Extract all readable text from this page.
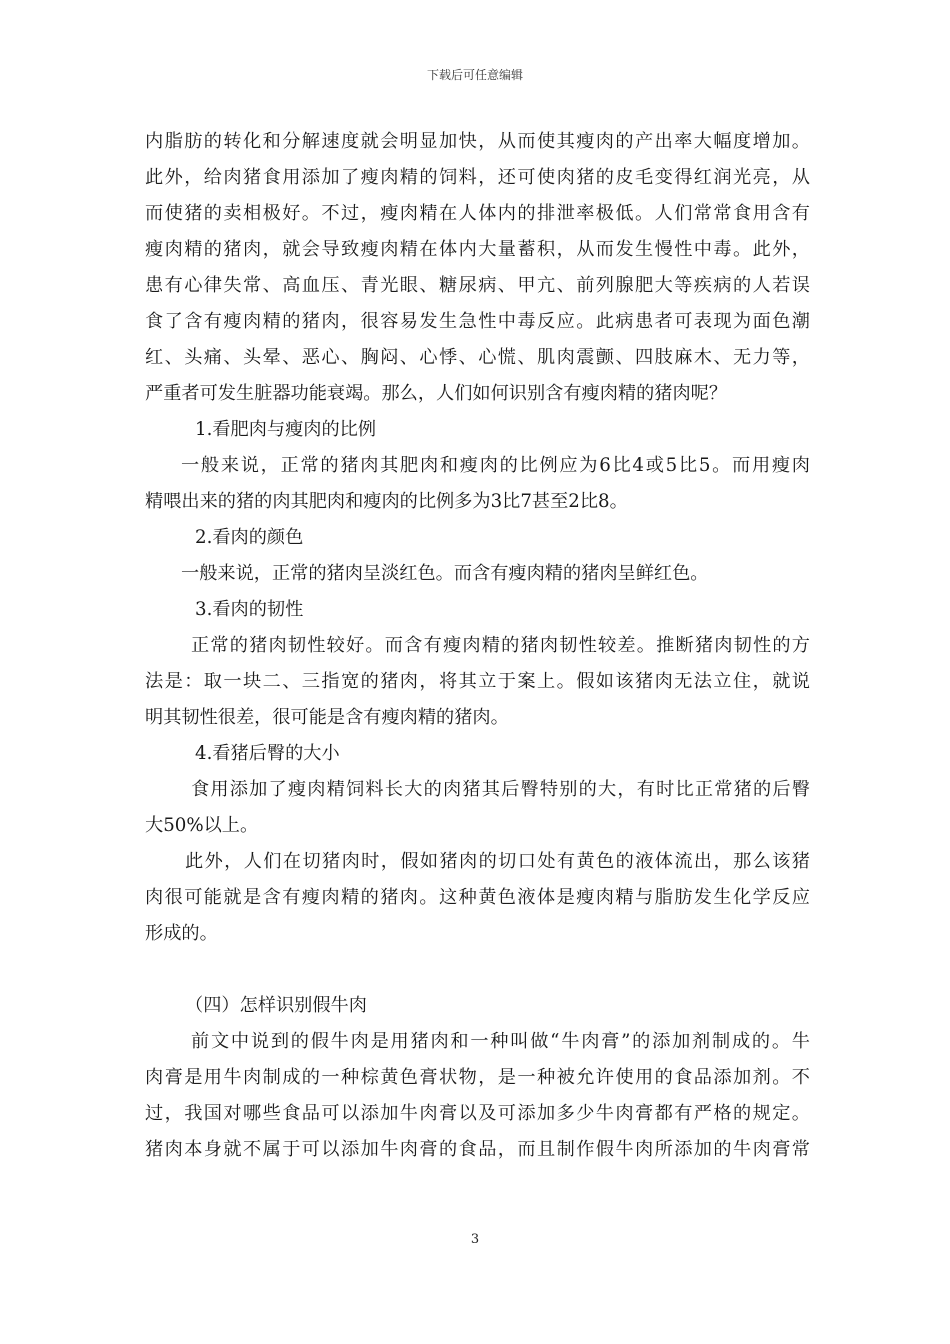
下载后可任意编辑
内脂肪的转化和分解速度就会明显加快，从而使其瘦肉的产出率大幅度增加。
此外，给肉猪食用添加了瘦肉精的饲料，还可使肉猪的皮毛变得红润光亮，从
而使猪的卖相极好。不过，瘦肉精在人体内的排泄率极低。人们常常食用含有
瘦肉精的猪肉，就会导致瘦肉精在体内大量蓄积，从而发生慢性中毒。此外，
患有心律失常、高血压、青光眼、糖尿病、甲亢、前列腺肥大等疾病的人若误
食了含有瘦肉精的猪肉，很容易发生急性中毒反应。此病患者可表现为面色潮
红、头痛、头晕、恶心、胸闷、心悸、心慌、肌肉震颤、四肢麻木、无力等，
严重者可发生脏器功能衰竭。那么，人们如何识别含有瘦肉精的猪肉呢？
1.看肥肉与瘦肉的比例
一般来说，正常的猪肉其肥肉和瘦肉的比例应为6比4或5比5。而用瘦肉
精喂出来的猪的肉其肥肉和瘦肉的比例多为3比7甚至2比8。
2.看肉的颜色
一般来说，正常的猪肉呈淡红色。而含有瘦肉精的猪肉呈鲜红色。
3.看肉的韧性
正常的猪肉韧性较好。而含有瘦肉精的猪肉韧性较差。推断猪肉韧性的方
法是：取一块二、三指宽的猪肉，将其立于案上。假如该猪肉无法立住，就说
明其韧性很差，很可能是含有瘦肉精的猪肉。
4.看猪后臀的大小
食用添加了瘦肉精饲料长大的肉猪其后臀特别的大，有时比正常猪的后臀
大50%以上。
此外，人们在切猪肉时，假如猪肉的切口处有黄色的液体流出，那么该猪
肉很可能就是含有瘦肉精的猪肉。这种黄色液体是瘦肉精与脂肪发生化学反应
形成的。
（四）怎样识别假牛肉
前文中说到的假牛肉是用猪肉和一种叫做“牛肉膏”的添加剂制成的。牛
肉膏是用牛肉制成的一种棕黄色膏状物，是一种被允许使用的食品添加剂。不
过，我国对哪些食品可以添加牛肉膏以及可添加多少牛肉膏都有严格的规定。
猪肉本身就不属于可以添加牛肉膏的食品，而且制作假牛肉所添加的牛肉膏常
3
